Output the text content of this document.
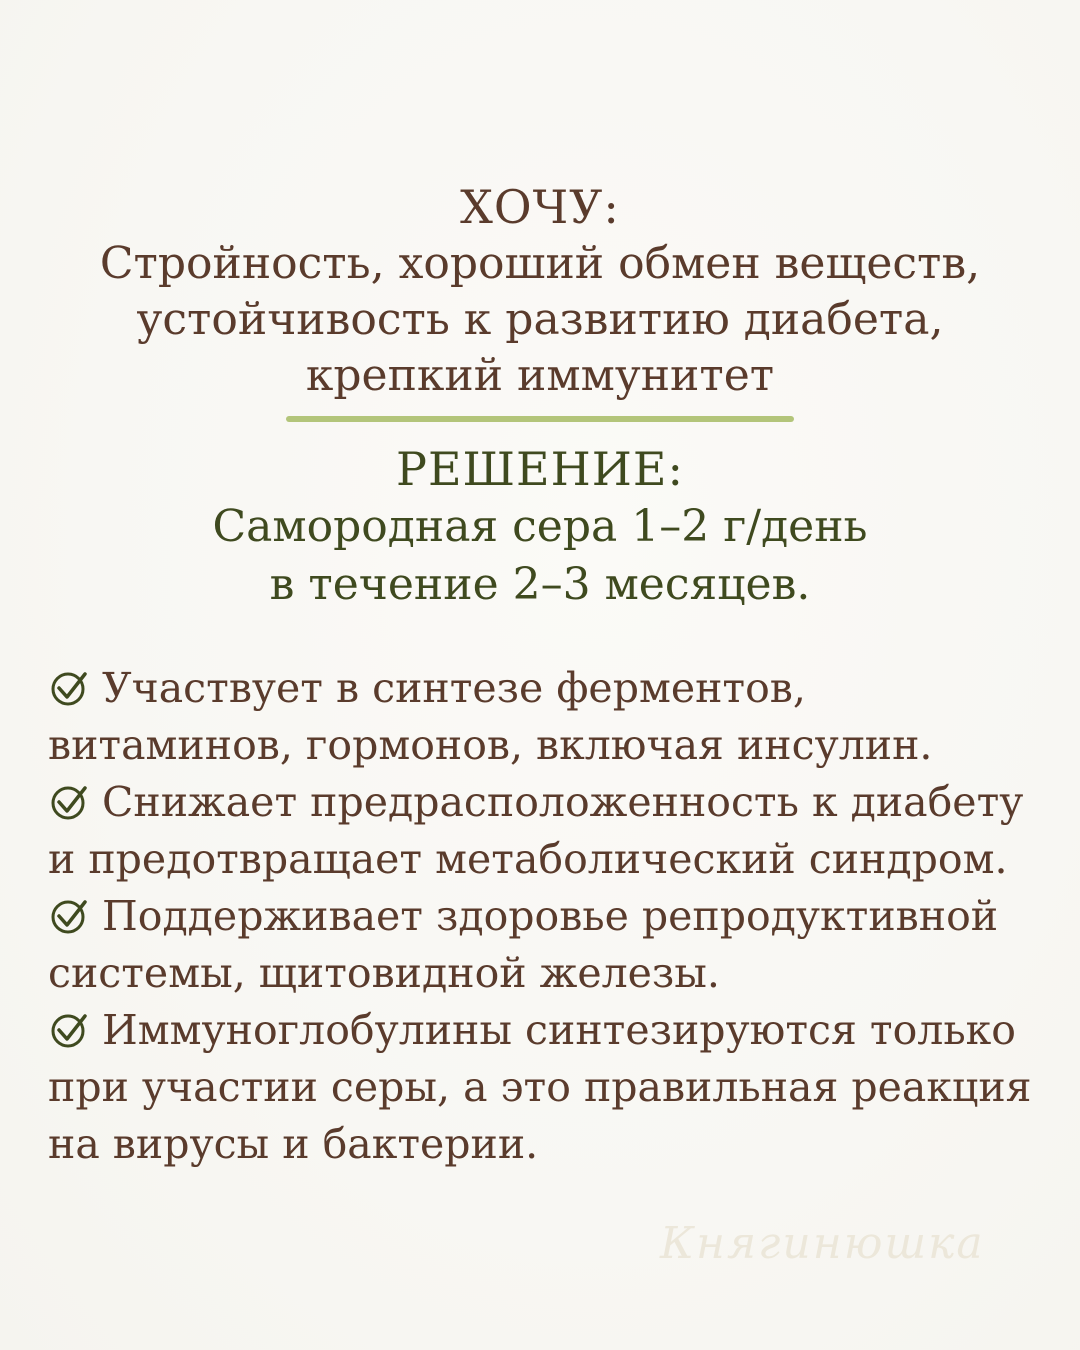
ХОЧУ:
Стройность, хороший обмен веществ,
устойчивость к развитию диабета,
крепкий иммунитет
РЕШЕНИЕ:
Самородная сера 1–2 г/день
в течение 2–3 месяцев.
Участвует в синтезе ферментов, витаминов, гормонов, включая инсулин.
Снижает предрасположенность к диабету и предотвращает метаболический синдром.
Поддерживает здоровье репродуктивной системы, щитовидной железы.
Иммуноглобулины синтезируются только при участии серы, а это правильная реакция на вирусы и бактерии.
Княгинюшка
